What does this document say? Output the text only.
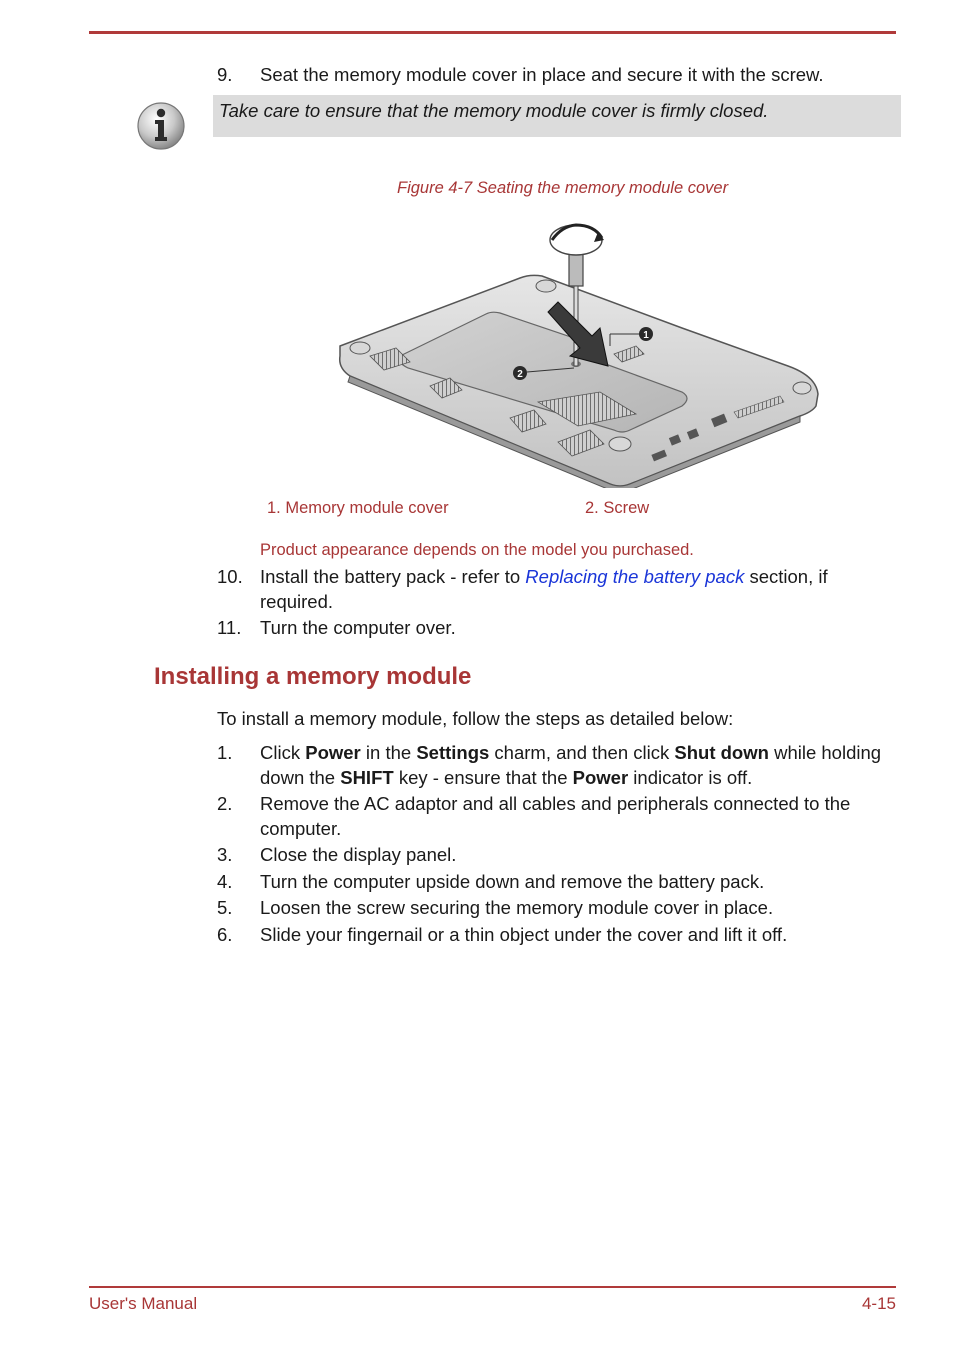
9. Seat the memory module cover in place and secure it with the screw.
Take care to ensure that the memory module cover is firmly closed.
Figure 4-7 Seating the memory module cover
1
2
1. Memory module cover	2. Screw
Product appearance depends on the model you purchased.
10. Install the battery pack - refer to Replacing the battery pack section, if required.
11. Turn the computer over.
Installing a memory module
To install a memory module, follow the steps as detailed below:
1. Click Power in the Settings charm, and then click Shut down while holding down the SHIFT key - ensure that the Power indicator is off.
2. Remove the AC adaptor and all cables and peripherals connected to the computer.
3. Close the display panel.
4. Turn the computer upside down and remove the battery pack.
5. Loosen the screw securing the memory module cover in place.
6. Slide your fingernail or a thin object under the cover and lift it off.
User's Manual	4-15
